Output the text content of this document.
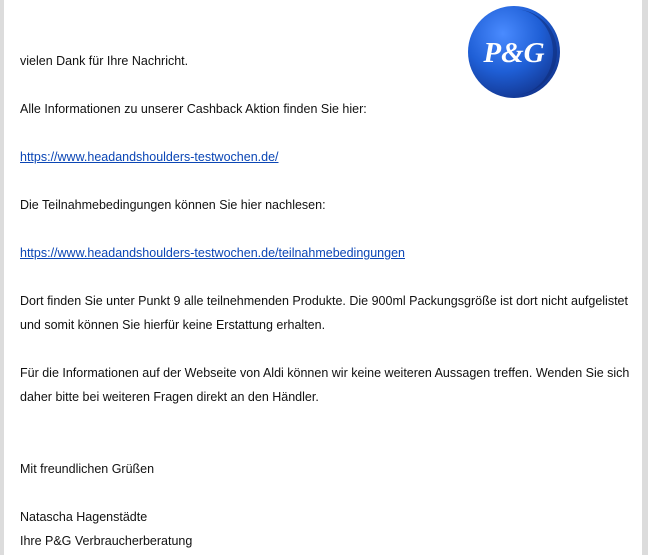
P&G
vielen Dank für Ihre Nachricht.
Alle Informationen zu unserer Cashback Aktion finden Sie hier:
https://www.headandshoulders-testwochen.de/
Die Teilnahmebedingungen können Sie hier nachlesen:
https://www.headandshoulders-testwochen.de/teilnahmebedingungen
Dort finden Sie unter Punkt 9 alle teilnehmenden Produkte. Die 900ml Packungsgröße ist dort nicht aufgelistet und somit können Sie hierfür keine Erstattung erhalten.
Für die Informationen auf der Webseite von Aldi können wir keine weiteren Aussagen treffen. Wenden Sie sich daher bitte bei weiteren Fragen direkt an den Händler.
Mit freundlichen Grüßen
Natascha Hagenstädte
Ihre P&G Verbraucherberatung
